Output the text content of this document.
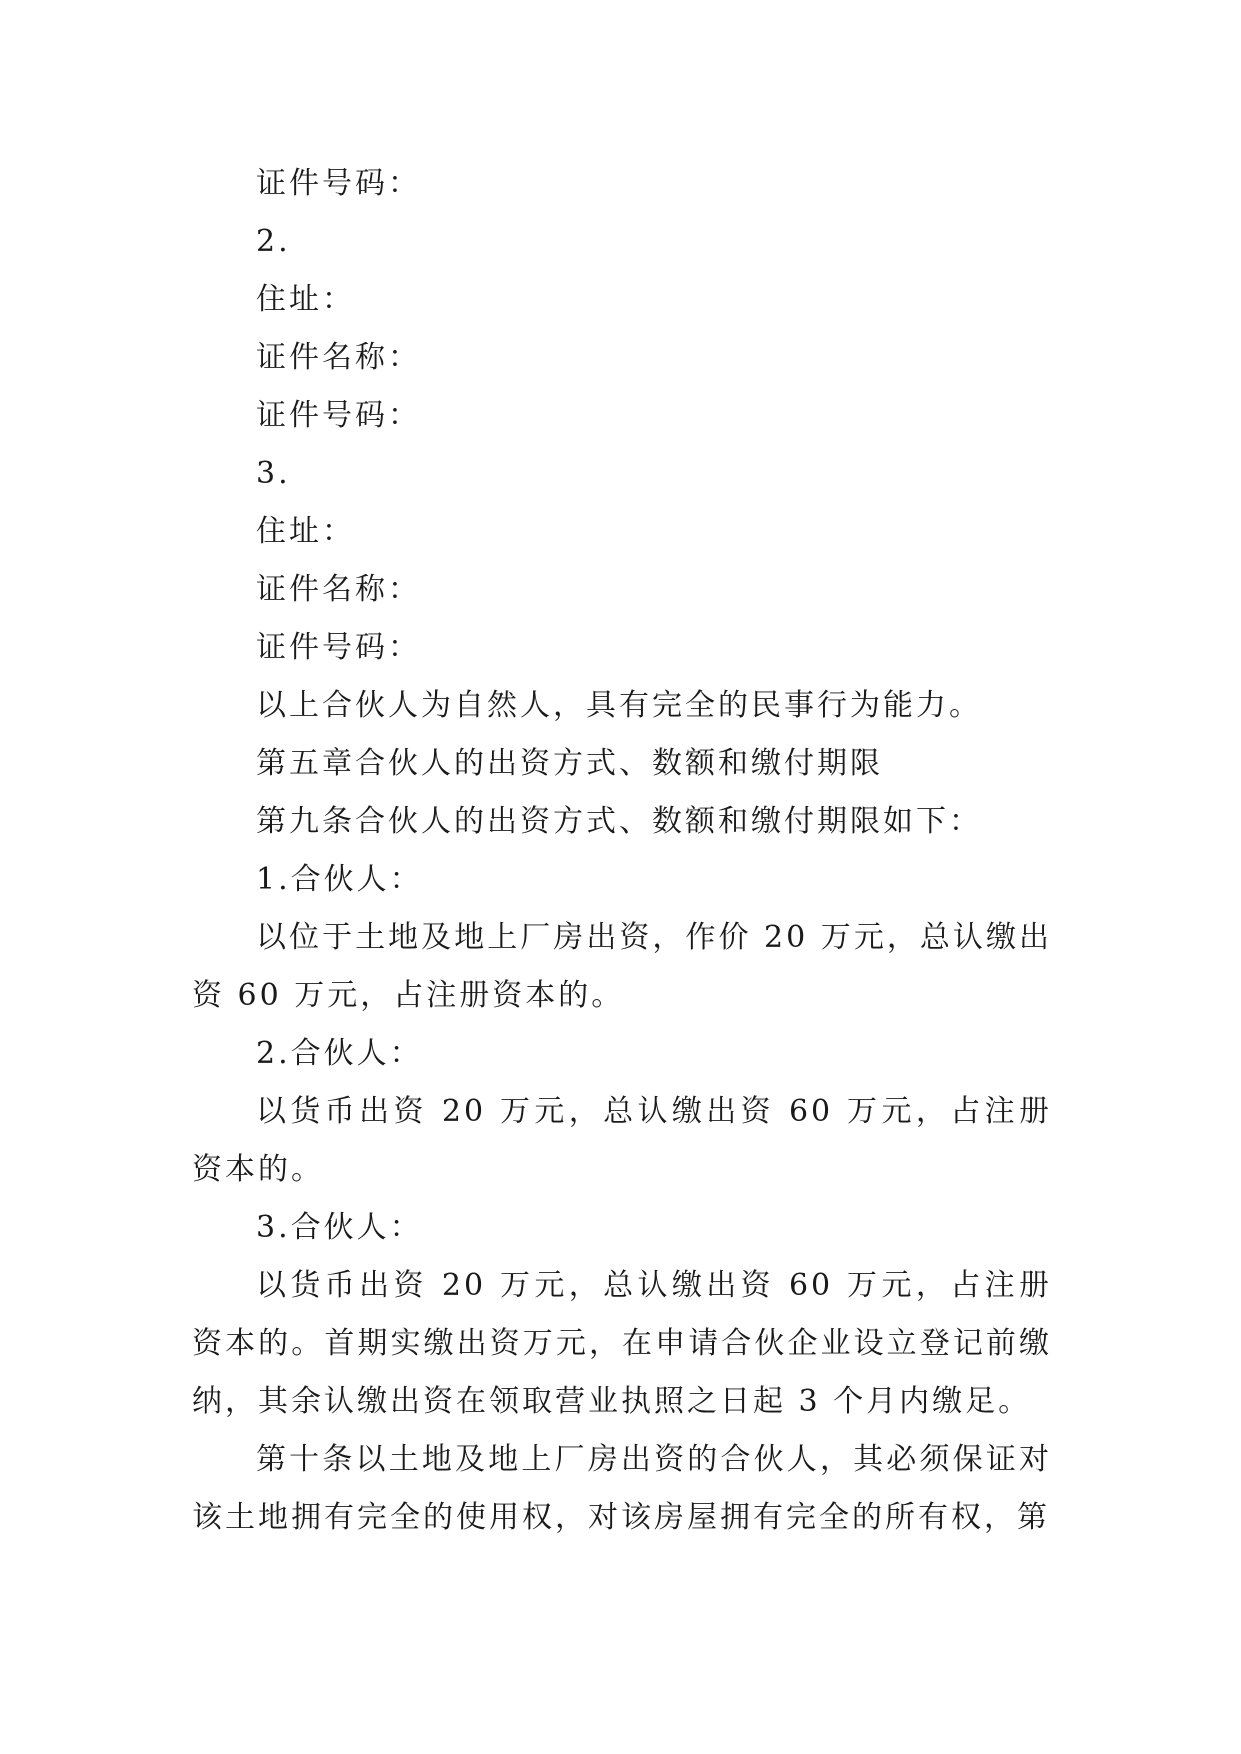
证件号码：
2.
住址：
证件名称：
证件号码：
3.
住址：
证件名称：
证件号码：
以上合伙人为自然人，具有完全的民事行为能力。
第五章合伙人的出资方式、数额和缴付期限
第九条合伙人的出资方式、数额和缴付期限如下：
1.合伙人：
以位于土地及地上厂房出资，作价 20 万元，总认缴出资 60 万元，占注册资本的。
2.合伙人：
以货币出资 20 万元，总认缴出资 60 万元，占注册资本的。
3.合伙人：
以货币出资 20 万元，总认缴出资 60 万元，占注册资本的。首期实缴出资万元，在申请合伙企业设立登记前缴纳，其余认缴出资在领取营业执照之日起 3 个月内缴足。
第十条以土地及地上厂房出资的合伙人，其必须保证对该土地拥有完全的使用权，对该房屋拥有完全的所有权，第
